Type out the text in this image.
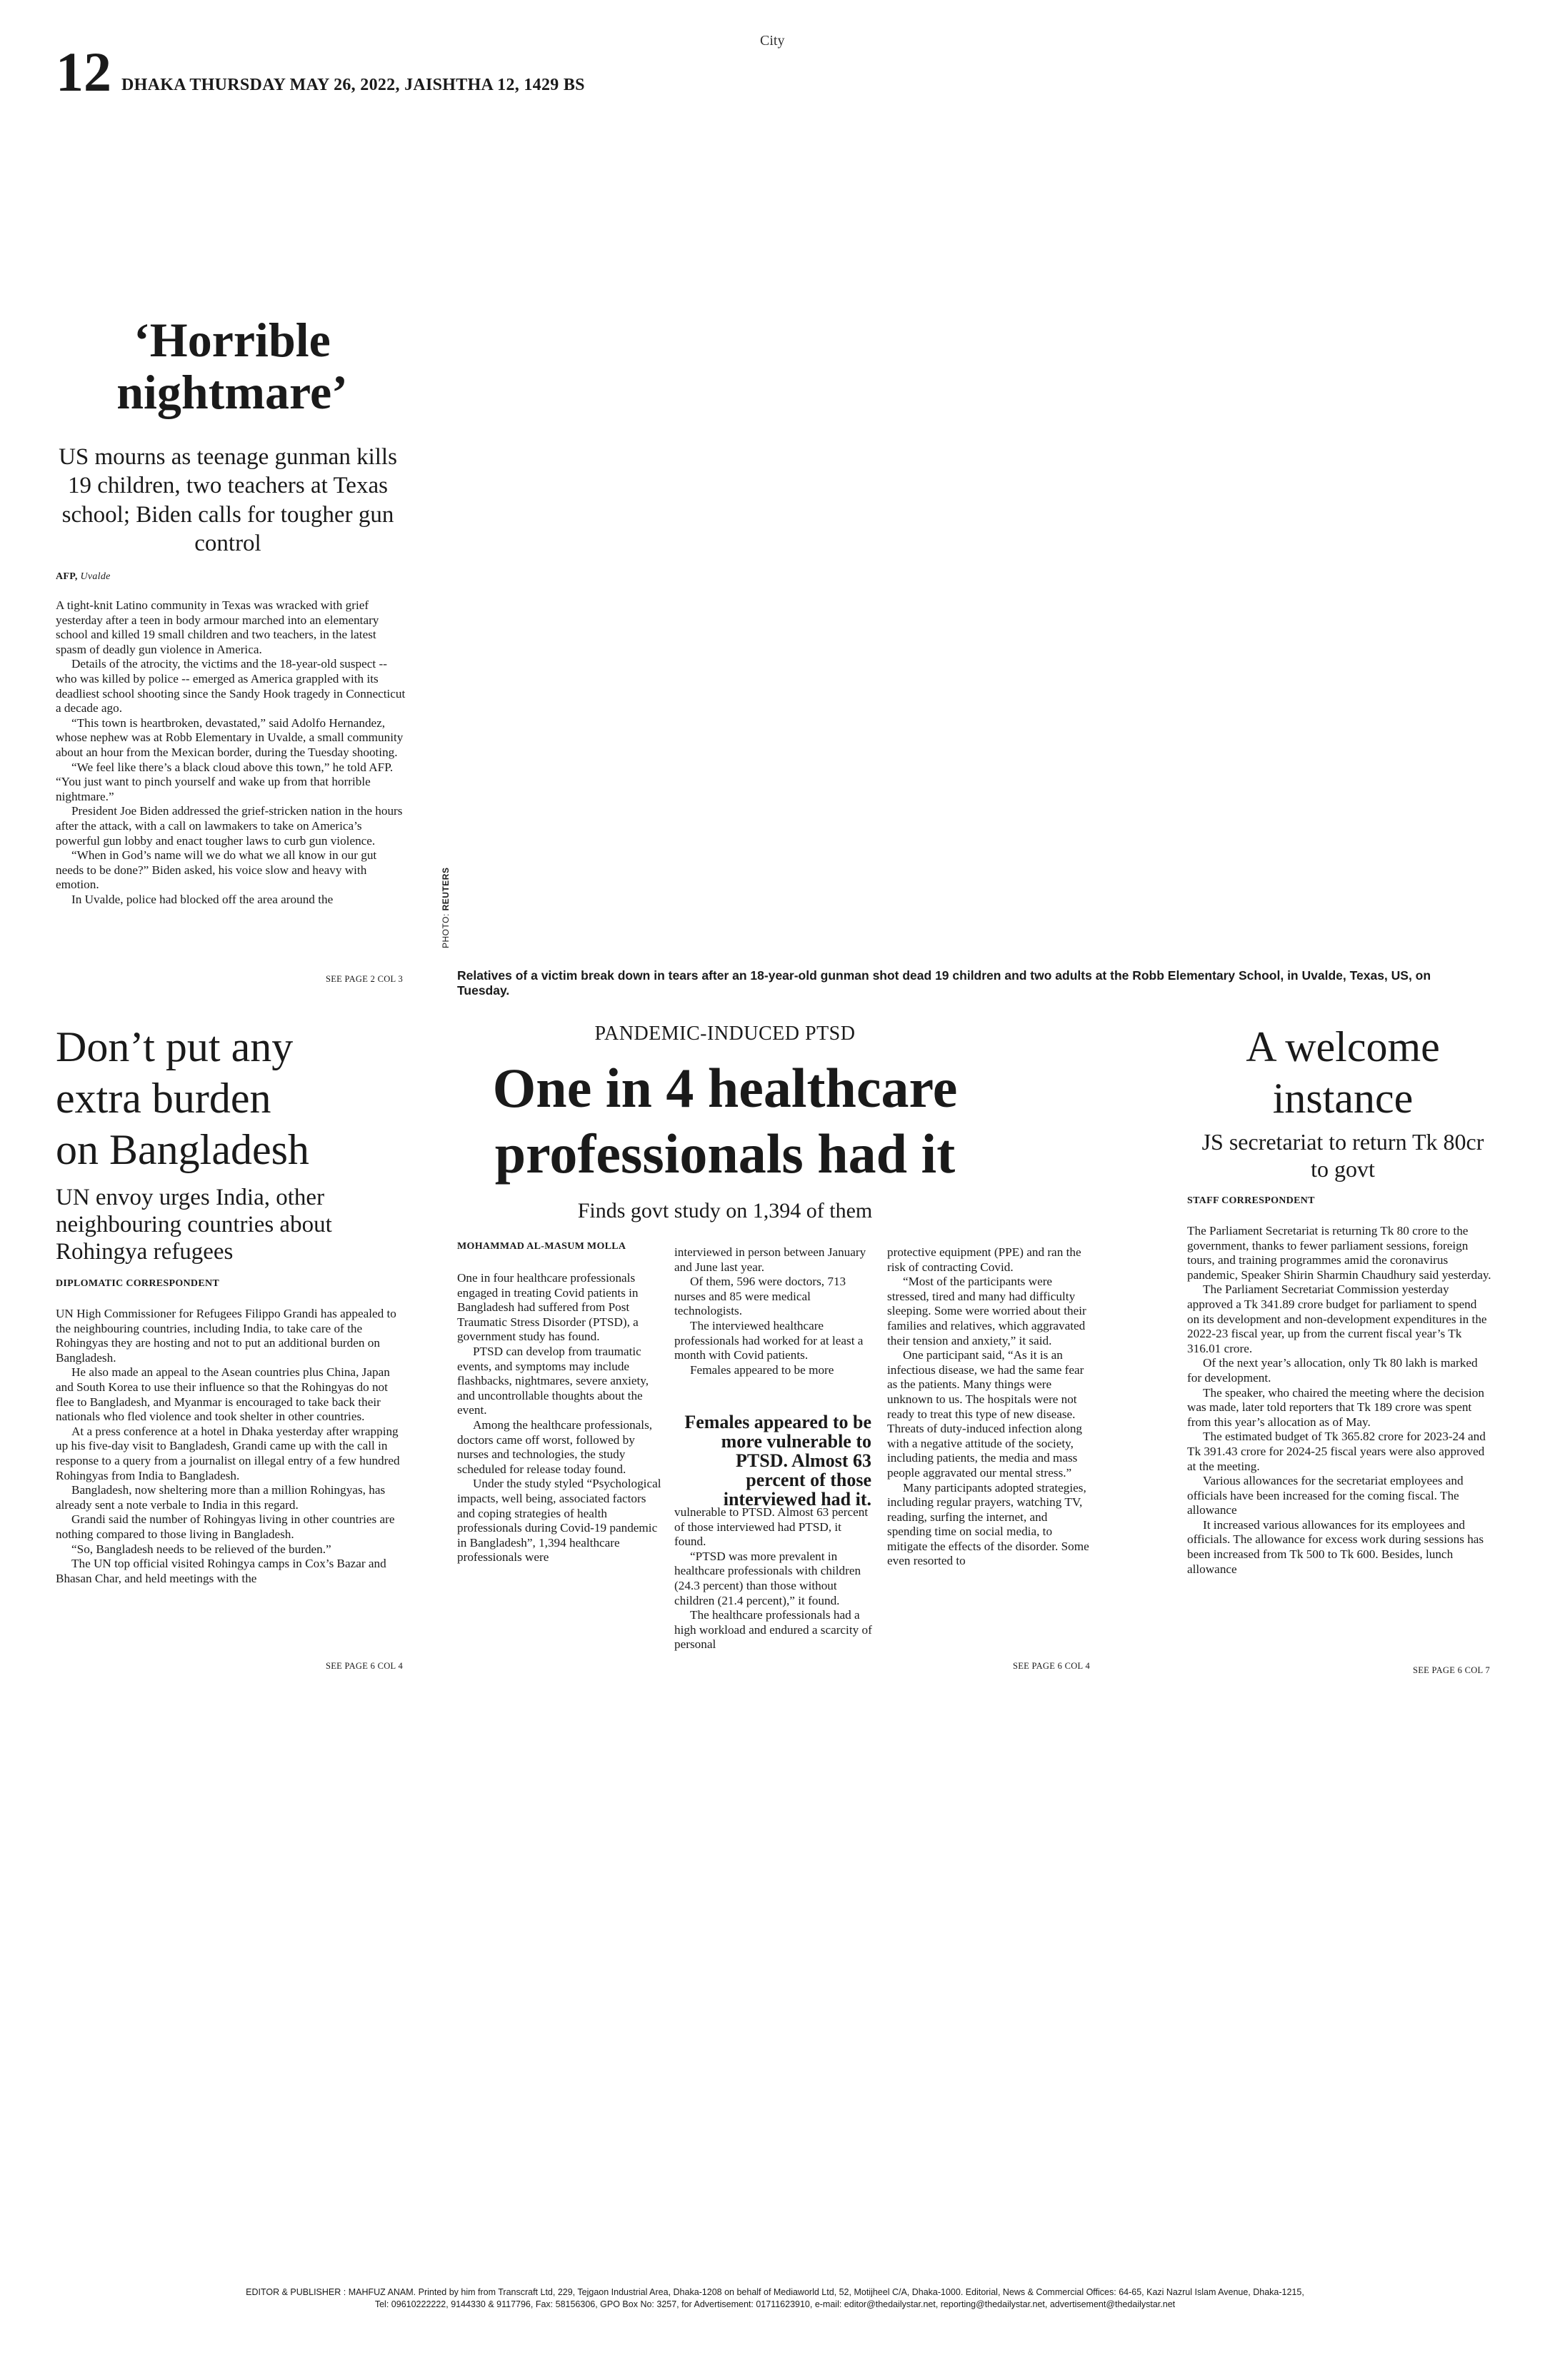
City
12 DHAKA THURSDAY MAY 26, 2022, JAISHTHA 12, 1429 BS
‘Horrible
nightmare’
US mourns as teenage gunman kills 19 children, two teachers at Texas school; Biden calls for tougher gun control
AFP, Uvalde

A tight-knit Latino community in Texas was wracked with grief yesterday after a teen in body armour marched into an elementary school and killed 19 small children and two teachers, in the latest spasm of deadly gun violence in America.

Details of the atrocity, the victims and the 18-year-old suspect -- who was killed by police -- emerged as America grappled with its deadliest school shooting since the Sandy Hook tragedy in Connecticut a decade ago.

“This town is heartbroken, devastated,” said Adolfo Hernandez, whose nephew was at Robb Elementary in Uvalde, a small community about an hour from the Mexican border, during the Tuesday shooting.

“We feel like there’s a black cloud above this town,” he told AFP. “You just want to pinch yourself and wake up from that horrible nightmare.”

President Joe Biden addressed the grief-stricken nation in the hours after the attack, with a call on lawmakers to take on America’s powerful gun lobby and enact tougher laws to curb gun violence.

“When in God’s name will we do what we all know in our gut needs to be done?” Biden asked, his voice slow and heavy with emotion.

In Uvalde, police had blocked off the area around the

SEE PAGE 2 COL 3
PHOTO: REUTERS
Relatives of a victim break down in tears after an 18-year-old gunman shot dead 19 children and two adults at the Robb Elementary School, in Uvalde, Texas, US, on Tuesday.
Don’t put any
extra burden
on Bangladesh
UN envoy urges India, other neighbouring countries about Rohingya refugees
DIPLOMATIC CORRESPONDENT

UN High Commissioner for Refugees Filippo Grandi has appealed to the neighbouring countries, including India, to take care of the Rohingyas they are hosting and not to put an additional burden on Bangladesh.

He also made an appeal to the Asean countries plus China, Japan and South Korea to use their influence so that the Rohingyas do not flee to Bangladesh, and Myanmar is encouraged to take back their nationals who fled violence and took shelter in other countries.

At a press conference at a hotel in Dhaka yesterday after wrapping up his five-day visit to Bangladesh, Grandi came up with the call in response to a query from a journalist on illegal entry of a few hundred Rohingyas from India to Bangladesh.

Bangladesh, now sheltering more than a million Rohingyas, has already sent a note verbale to India in this regard.

Grandi said the number of Rohingyas living in other countries are nothing compared to those living in Bangladesh.

“So, Bangladesh needs to be relieved of the burden.”

The UN top official visited Rohingya camps in Cox’s Bazar and Bhasan Char, and held meetings with the

SEE PAGE 6 COL 4
PANDEMIC-INDUCED PTSD
One in 4 healthcare
professionals had it
Finds govt study on 1,394 of them
MOHAMMAD AL-MASUM MOLLA

One in four healthcare professionals engaged in treating Covid patients in Bangladesh had suffered from Post Traumatic Stress Disorder (PTSD), a government study has found.

PTSD can develop from traumatic events, and symptoms may include flashbacks, nightmares, severe anxiety, and uncontrollable thoughts about the event.

Among the healthcare professionals, doctors came off worst, followed by nurses and technologies, the study scheduled for release today found.

Under the study styled “Psychological impacts, well being, associated factors and coping strategies of health professionals during Covid-19 pandemic in Bangladesh”, 1,394 healthcare professionals were

interviewed in person between January and June last year.

Of them, 596 were doctors, 713 nurses and 85 were medical technologists.

The interviewed healthcare professionals had worked for at least a month with Covid patients.

Females appeared to be more

Females appeared to be more vulnerable to PTSD. Almost 63 percent of those interviewed had it.

vulnerable to PTSD. Almost 63 percent of those interviewed had PTSD, it found.

“PTSD was more prevalent in healthcare professionals with children (24.3 percent) than those without children (21.4 percent),” it found.

The healthcare professionals had a high workload and endured a scarcity of personal

protective equipment (PPE) and ran the risk of contracting Covid.

“Most of the participants were stressed, tired and many had difficulty sleeping. Some were worried about their families and relatives, which aggravated their tension and anxiety,” it said.

One participant said, “As it is an infectious disease, we had the same fear as the patients. Many things were unknown to us. The hospitals were not ready to treat this type of new disease. Threats of duty-induced infection along with a negative attitude of the society, including patients, the media and mass people aggravated our mental stress.”

Many participants adopted strategies, including regular prayers, watching TV, reading, surfing the internet, and spending time on social media, to mitigate the effects of the disorder. Some even resorted to

SEE PAGE 6 COL 4
A welcome
instance
JS secretariat to return Tk 80cr to govt
STAFF CORRESPONDENT

The Parliament Secretariat is returning Tk 80 crore to the government, thanks to fewer parliament sessions, foreign tours, and training programmes amid the coronavirus pandemic, Speaker Shirin Sharmin Chaudhury said yesterday.

The Parliament Secretariat Commission yesterday approved a Tk 341.89 crore budget for parliament to spend on its development and non-development expenditures in the 2022-23 fiscal year, up from the current fiscal year’s Tk 316.01 crore.

Of the next year’s allocation, only Tk 80 lakh is marked for development.

The speaker, who chaired the meeting where the decision was made, later told reporters that Tk 189 crore was spent from this year’s allocation as of May.

The estimated budget of Tk 365.82 crore for 2023-24 and Tk 391.43 crore for 2024-25 fiscal years were also approved at the meeting.

Various allowances for the secretariat employees and officials have been increased for the coming fiscal. The allowance

It increased various allowances for its employees and officials. The allowance for excess work during sessions has been increased from Tk 500 to Tk 600. Besides, lunch allowance

SEE PAGE 6 COL 7
EDITOR & PUBLISHER : MAHFUZ ANAM. Printed by him from Transcraft Ltd, 229, Tejgaon Industrial Area, Dhaka-1208 on behalf of Mediaworld Ltd, 52, Motijheel C/A, Dhaka-1000. Editorial, News & Commercial Offices: 64-65, Kazi Nazrul Islam Avenue, Dhaka-1215,
Tel: 09610222222, 9144330 & 9117796, Fax: 58156306, GPO Box No: 3257, for Advertisement: 01711623910, e-mail: editor@thedailystar.net, reporting@thedailystar.net, advertisement@thedailystar.net
